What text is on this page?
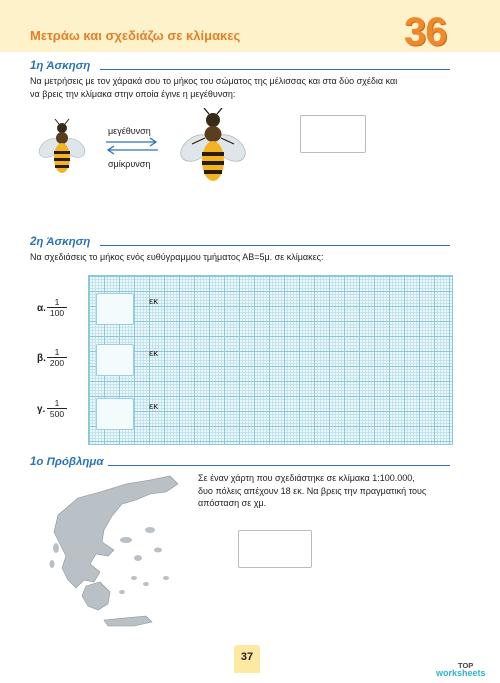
Μετράω και σχεδιάζω σε κλίμακες	36
1η Άσκηση
Να μετρήσεις με τον χάρακά σου το μήκος του σώματος της μέλισσας και στα δύο σχέδια και
να βρεις την κλίμακα στην οποία έγινε η μεγέθυνση:
μεγέθυνση
σμίκρυνση
2η Άσκηση
Να σχεδιάσεις το μήκος ενός ευθύγραμμου τμήματος ΑΒ=5μ. σε κλίμακες:
α. $\frac{1}{100}$	εκ
β. $\frac{1}{200}$	εκ
γ. $\frac{1}{500}$	εκ
1ο Πρόβλημα
Σε έναν χάρτη που σχεδιάστηκε σε κλίμακα 1:100.000,
δυο πόλεις απέχουν 18 εκ. Να βρεις την πραγματική τους
απόσταση σε χμ.
37
TOP
worksheets
